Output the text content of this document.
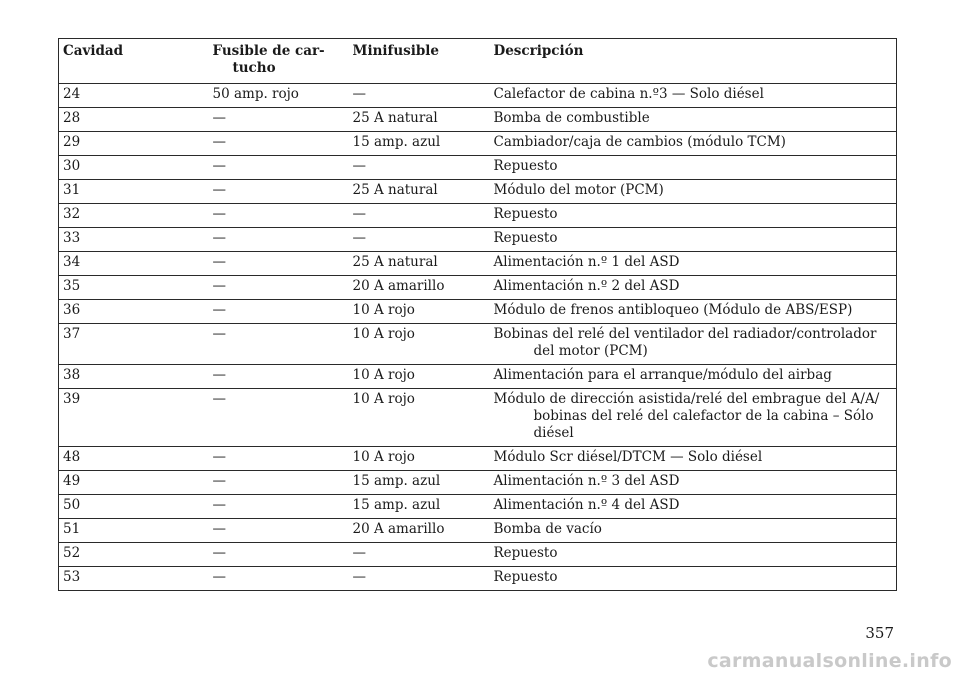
Cavidad	Fusible de car- tucho	Minifusible	Descripción
24	50 amp. rojo	—	Calefactor de cabina n.º3 — Solo diésel

28	—	25 A natural	Bomba de combustible

29	—	15 amp. azul	Cambiador/caja de cambios (módulo TCM)

30	—	—	Repuesto

31	—	25 A natural	Módulo del motor (PCM)

32	—	—	Repuesto

33	—	—	Repuesto

34	—	25 A natural	Alimentación n.º 1 del ASD

35	—	20 A amarillo	Alimentación n.º 2 del ASD

36	—	10 A rojo	Módulo de frenos antibloqueo (Módulo de ABS/ESP)

37	—	10 A rojo	Bobinas del relé del ventilador del radiador/controlador del motor (PCM)

38	—	10 A rojo	Alimentación para el arranque/módulo del airbag

39	—	10 A rojo	Módulo de dirección asistida/relé del embrague del A/A/ bobinas del relé del calefactor de la cabina – Sólo diésel

48	—	10 A rojo	Módulo Scr diésel/DTCM — Solo diésel

49	—	15 amp. azul	Alimentación n.º 3 del ASD

50	—	15 amp. azul	Alimentación n.º 4 del ASD

51	—	20 A amarillo	Bomba de vacío

52	—	—	Repuesto

53	—	—	Repuesto
357
carmanualsonline.info
